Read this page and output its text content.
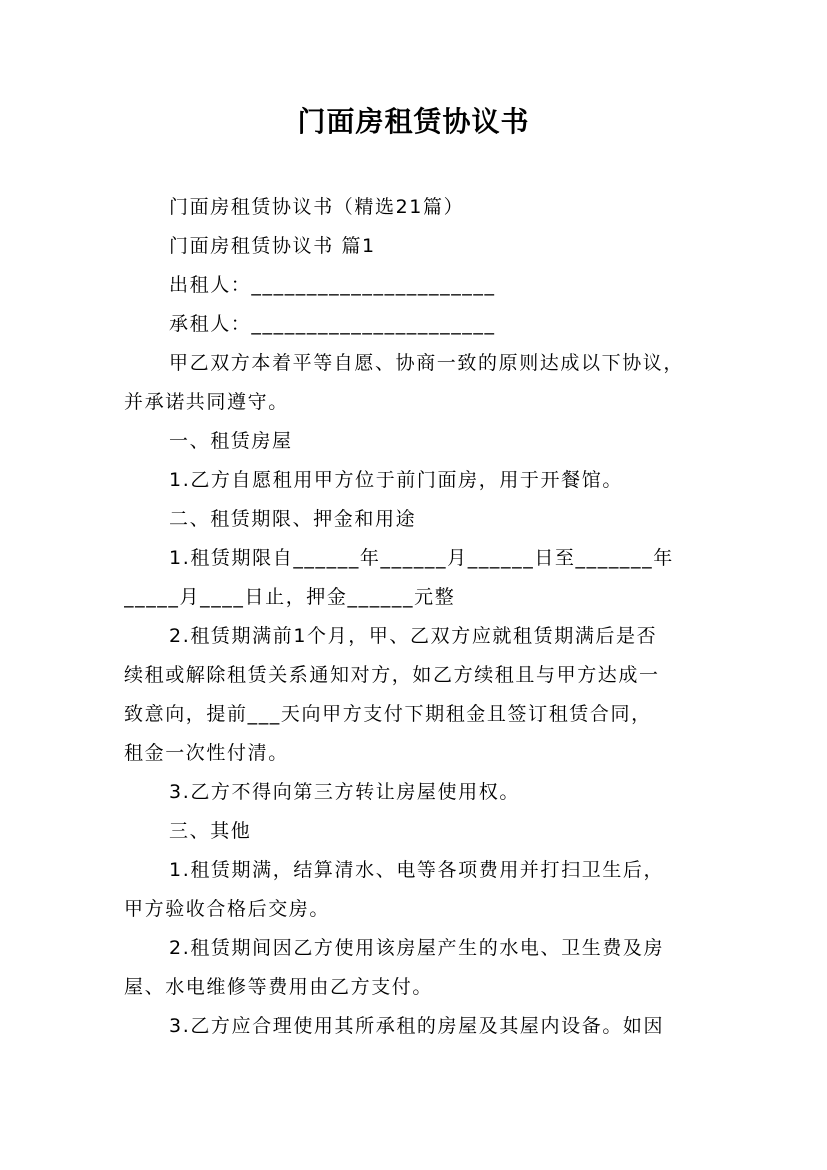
门面房租赁协议书
门面房租赁协议书（精选21篇）
门面房租赁协议书 篇1
出租人：______________________
承租人：______________________
甲乙双方本着平等自愿、协商一致的原则达成以下协议，
并承诺共同遵守。
一、租赁房屋
1.乙方自愿租用甲方位于前门面房，用于开餐馆。
二、租赁期限、押金和用途
1.租赁期限自______年______月______日至_______年
_____月____日止，押金______元整
2.租赁期满前1个月，甲、乙双方应就租赁期满后是否
续租或解除租赁关系通知对方，如乙方续租且与甲方达成一
致意向，提前___天向甲方支付下期租金且签订租赁合同，
租金一次性付清。
3.乙方不得向第三方转让房屋使用权。
三、其他
1.租赁期满，结算清水、电等各项费用并打扫卫生后，
甲方验收合格后交房。
2.租赁期间因乙方使用该房屋产生的水电、卫生费及房
屋、水电维修等费用由乙方支付。
3.乙方应合理使用其所承租的房屋及其屋内设备。如因
